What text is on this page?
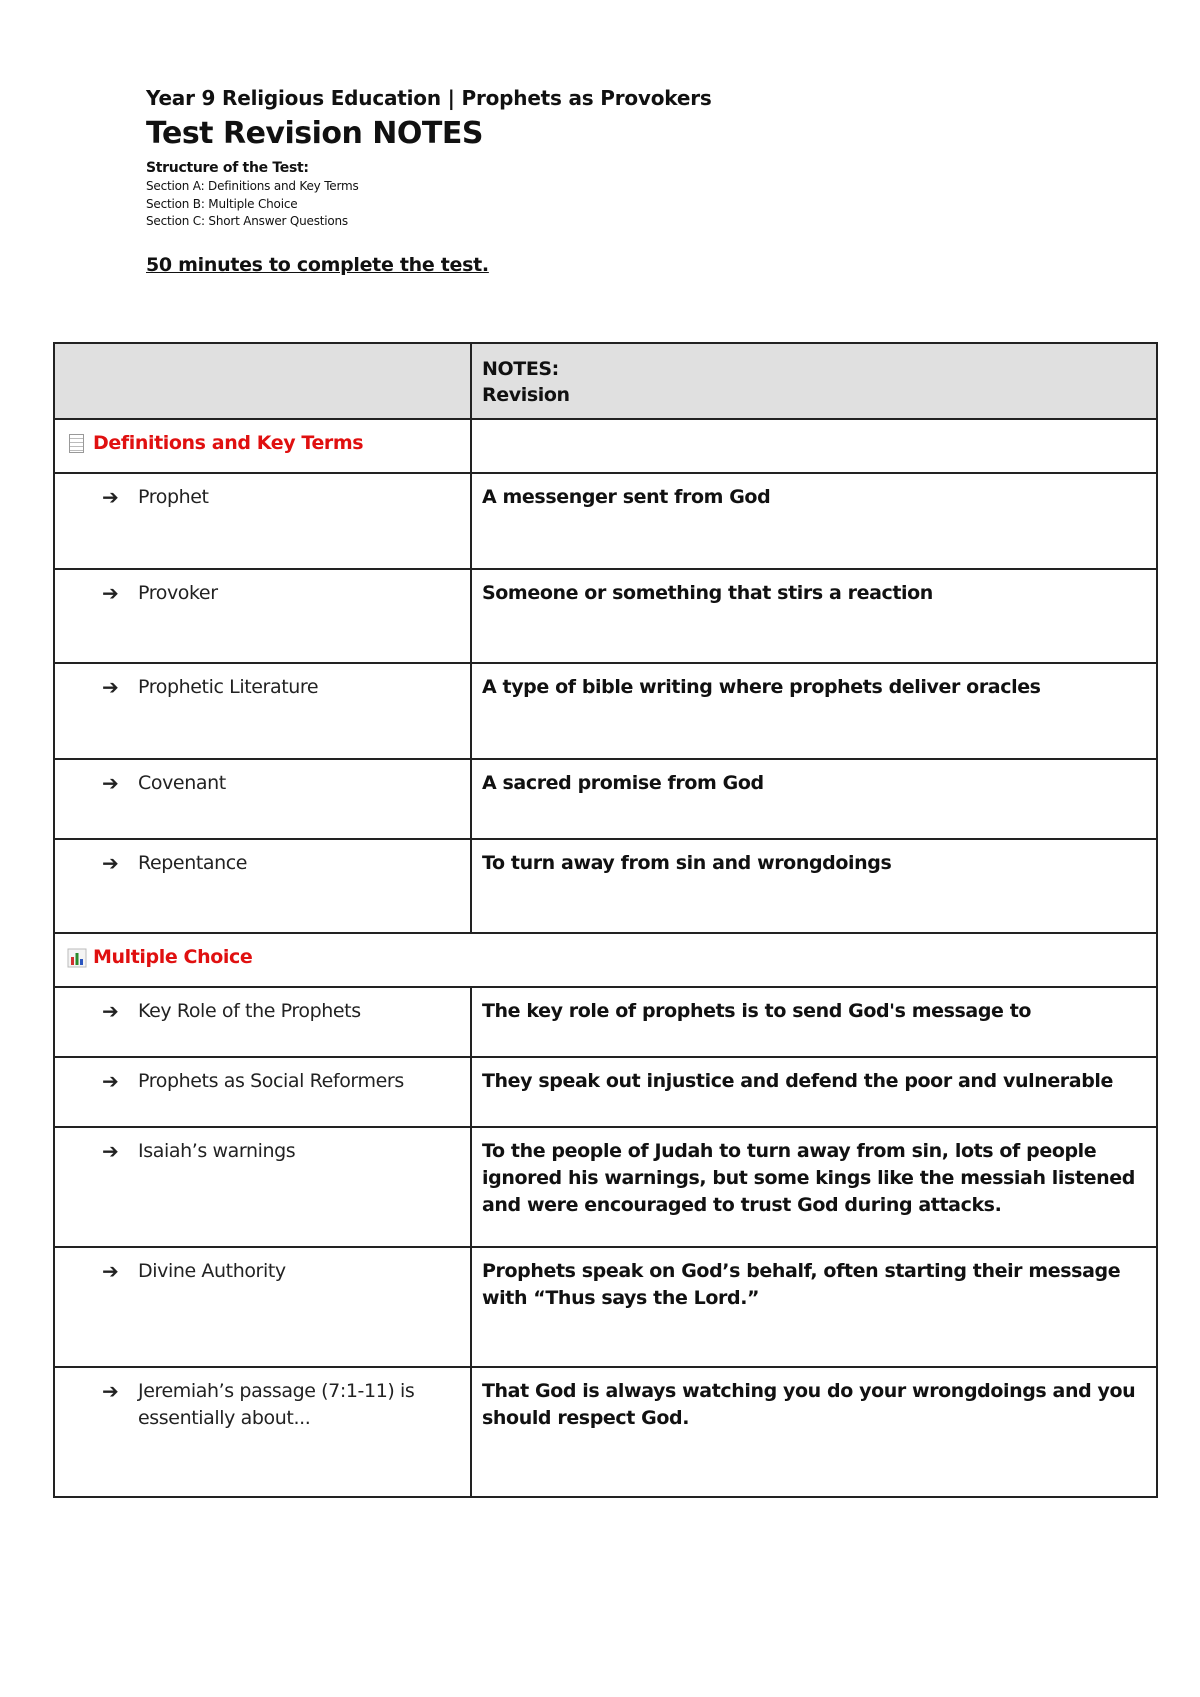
Year 9 Religious Education | Prophets as Provokers
Test Revision NOTES
Structure of the Test:
Section A: Definitions and Key Terms
Section B: Multiple Choice
Section C: Short Answer Questions
50 minutes to complete the test.

	NOTES:
Revision

Definitions and Key Terms	

➔ Prophet	A messenger sent from God

➔ Provoker	Someone or something that stirs a reaction

➔ Prophetic Literature	A type of bible writing where prophets deliver oracles

➔ Covenant	A sacred promise from God

➔ Repentance	To turn away from sin and wrongdoings

Multiple Choice	

➔ Key Role of the Prophets	The key role of prophets is to send God's message to

➔ Prophets as Social Reformers	They speak out injustice and defend the poor and vulnerable

➔ Isaiah’s warnings	To the people of Judah to turn away from sin, lots of people ignored his warnings, but some kings like the messiah listened and were encouraged to trust God during attacks.

➔ Divine Authority	Prophets speak on God’s behalf, often starting their message with “Thus says the Lord.”

➔ Jeremiah’s passage (7:1-11) is essentially about...	That God is always watching you do your wrongdoings and you should respect God.
